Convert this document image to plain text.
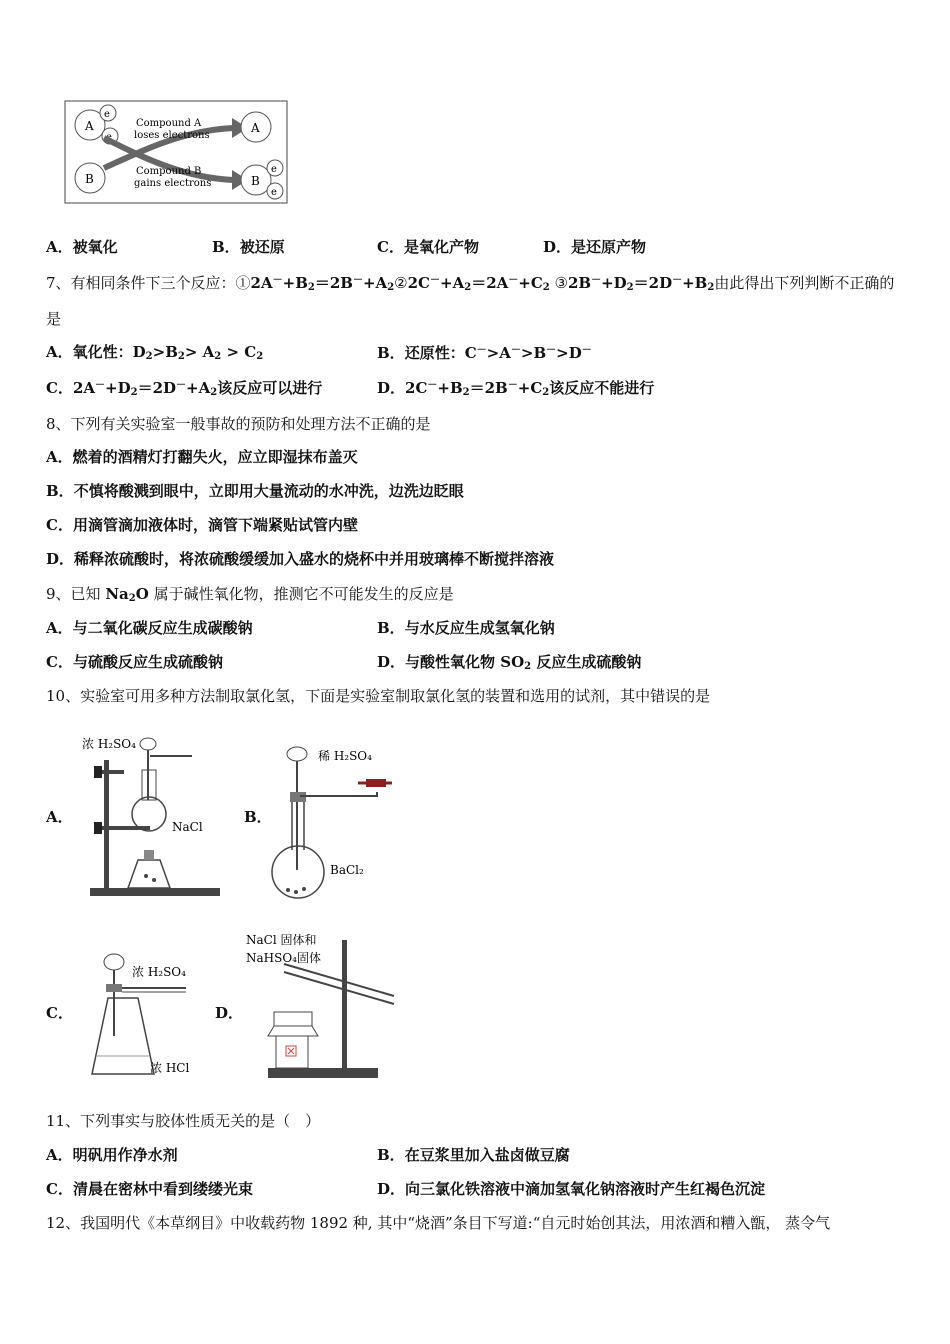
A
e
e
B
Compound A
loses electrons
Compound B
gains electrons
A
B
e
e
A．被氧化	B．被还原	C．是氧化产物	D．是还原产物
7、有相同条件下三个反应：$①2A^-+B_2=2B^-+A_2②2C^-+A_2=2A^-+C_2$ $③2B^-+D_2=2D^-+B_2$由此得出下列判断不正确的
是
A．氧化性：$D_2>B_2> A_2 > C_2$	B．还原性：C－>A－>B－>D－
C．$2A^-+D_2=2D^-+A_2$该反应可以进行	D．$2C^-+B_2=2B^-+C_2$该反应不能进行
8、下列有关实验室一般事故的预防和处理方法不正确的是
A．燃着的酒精灯打翻失火，应立即湿抹布盖灭
B．不慎将酸溅到眼中，立即用大量流动的水冲洗，边洗边眨眼
C．用滴管滴加液体时，滴管下端紧贴试管内壁
D．稀释浓硫酸时，将浓硫酸缓缓加入盛水的烧杯中并用玻璃棒不断搅拌溶液
9、已知 $Na_2O$ 属于碱性氧化物，推测它不可能发生的反应是
A．与二氧化碳反应生成碳酸钠	B．与水反应生成氢氧化钠
C．与硫酸反应生成硫酸钠	D．与酸性氧化物 $SO_2$ 反应生成硫酸钠
10、实验室可用多种方法制取氯化氢，下面是实验室制取氯化氢的装置和选用的试剂，其中错误的是
A．	B．
C．	D．
浓 H₂SO₄
NaCl
稀 H₂SO₄
BaCl₂
浓 H₂SO₄
浓 HCl
NaCl 固体和
NaHSO₄固体
11、下列事实与胶体性质无关的是（　）
A．明矾用作净水剂	B．在豆浆里加入盐卤做豆腐
C．清晨在密林中看到缕缕光束	D．向三氯化铁溶液中滴加氢氧化钠溶液时产生红褐色沉淀
12、我国明代《本草纲目》中收载药物 1892 种, 其中“烧酒”条目下写道:“自元时始创其法，用浓酒和糟入甑， 蒸令气
